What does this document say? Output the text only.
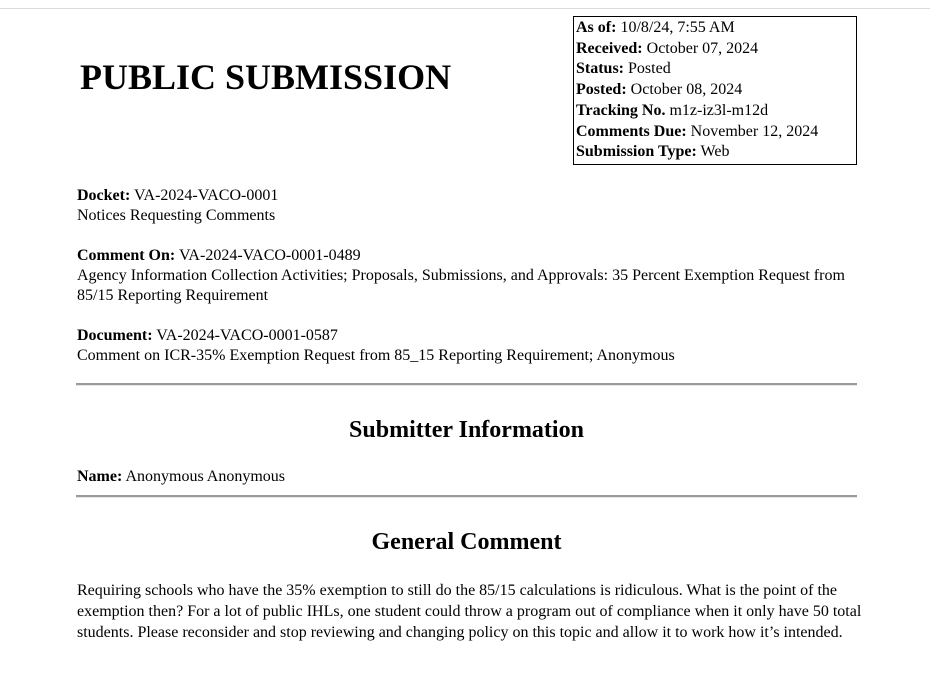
PUBLIC SUBMISSION
As of: 10/8/24, 7:55 AM
Received: October 07, 2024
Status: Posted
Posted: October 08, 2024
Tracking No. m1z-iz3l-m12d
Comments Due: November 12, 2024
Submission Type: Web
Docket: VA-2024-VACO-0001
Notices Requesting Comments
Comment On: VA-2024-VACO-0001-0489
Agency Information Collection Activities; Proposals, Submissions, and Approvals: 35 Percent Exemption Request from 85/15 Reporting Requirement
Document: VA-2024-VACO-0001-0587
Comment on ICR-35% Exemption Request from 85_15 Reporting Requirement; Anonymous
Submitter Information
Name: Anonymous Anonymous
General Comment
Requiring schools who have the 35% exemption to still do the 85/15 calculations is ridiculous. What is the point of the exemption then? For a lot of public IHLs, one student could throw a program out of compliance when it only have 50 total students. Please reconsider and stop reviewing and changing policy on this topic and allow it to work how it’s intended.
